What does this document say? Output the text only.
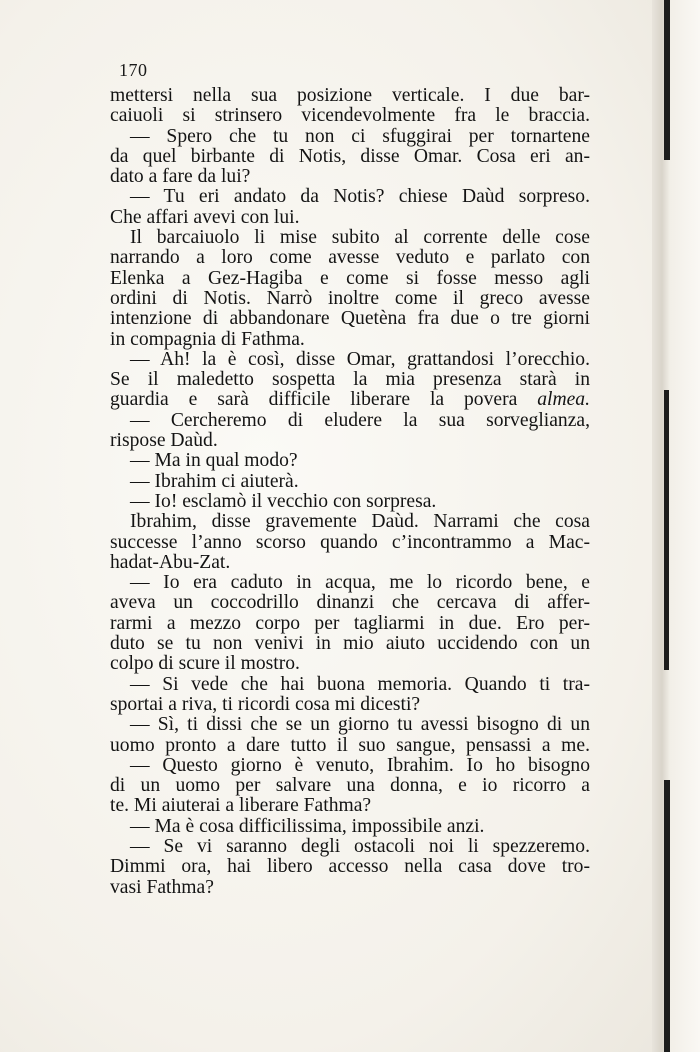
170
mettersi nella sua posizione verticale. I due bar-
caiuoli si strinsero vicendevolmente fra le braccia.
— Spero che tu non ci sfuggirai per tornartene
da quel birbante di Notis, disse Omar. Cosa eri an-
dato a fare da lui?
— Tu eri andato da Notis? chiese Daùd sorpreso.
Che affari avevi con lui.
Il barcaiuolo li mise subito al corrente delle cose
narrando a loro come avesse veduto e parlato con
Elenka a Gez-Hagiba e come si fosse messo agli
ordini di Notis. Narrò inoltre come il greco avesse
intenzione di abbandonare Quetèna fra due o tre giorni
in compagnia di Fathma.
— Ah! la è così, disse Omar, grattandosi l’orecchio.
Se il maledetto sospetta la mia presenza starà in
guardia e sarà difficile liberare la povera almea.
— Cercheremo di eludere la sua sorveglianza,
rispose Daùd.
— Ma in qual modo?
— Ibrahim ci aiuterà.
— Io! esclamò il vecchio con sorpresa.
Ibrahim, disse gravemente Daùd. Narrami che cosa
successe l’anno scorso quando c’incontrammo a Mac-
hadat-Abu-Zat.
— Io era caduto in acqua, me lo ricordo bene, e
aveva un coccodrillo dinanzi che cercava di affer-
rarmi a mezzo corpo per tagliarmi in due. Ero per-
duto se tu non venivi in mio aiuto uccidendo con un
colpo di scure il mostro.
— Si vede che hai buona memoria. Quando ti tra-
sportai a riva, ti ricordi cosa mi dicesti?
— Sì, ti dissi che se un giorno tu avessi bisogno di un
uomo pronto a dare tutto il suo sangue, pensassi a me.
— Questo giorno è venuto, Ibrahim. Io ho bisogno
di un uomo per salvare una donna, e io ricorro a
te. Mi aiuterai a liberare Fathma?
— Ma è cosa difficilissima, impossibile anzi.
— Se vi saranno degli ostacoli noi li spezzeremo.
Dimmi ora, hai libero accesso nella casa dove tro-
vasi Fathma?
